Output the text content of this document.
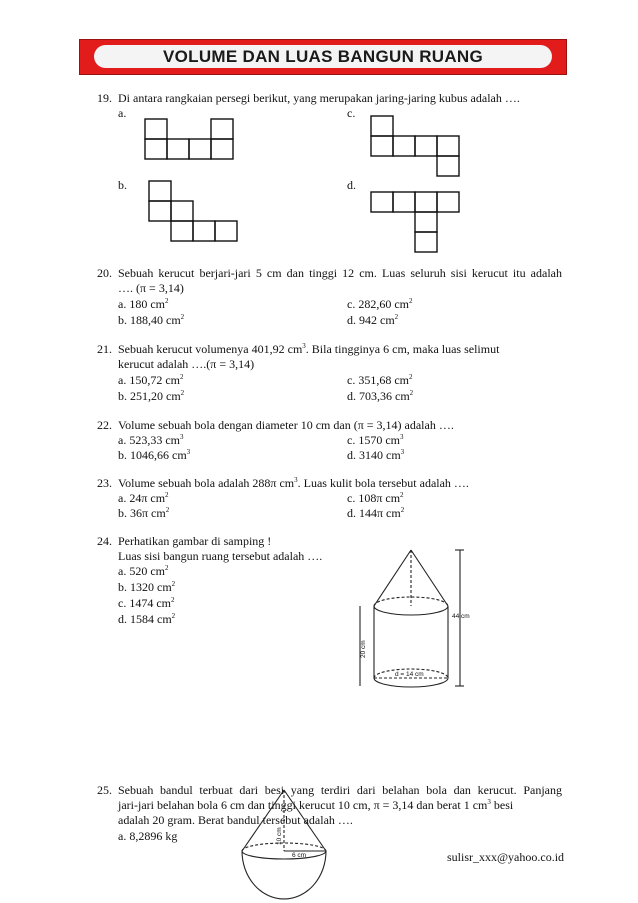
VOLUME DAN LUAS BANGUN RUANG
19. Di antara rangkaian persegi berikut, yang merupakan jaring-jaring kubus adalah ….
a.	c.
b.	d.
20. Sebuah kerucut berjari-jari 5 cm dan tinggi 12 cm. Luas seluruh sisi kerucut itu adalah
…. (π = 3,14)
a. 180 $cm^2$	c. 282,60 $cm^2$
b. 188,40 $cm^2$	d. 942 $cm^2$
21. Sebuah kerucut volumenya 401,92 $cm^3$. Bila tingginya 6 cm, maka luas selimut
kerucut adalah ….(π = 3,14)
a. 150,72 $cm^2$	c. 351,68 $cm^2$
b. 251,20 $cm^2$	d. 703,36 $cm^2$
22. Volume sebuah bola dengan diameter 10 cm dan (π = 3,14) adalah ….
a. 523,33 $cm^3$	c. 1570 $cm^3$
b. 1046,66 $cm^3$	d. 3140 $cm^3$
23. Volume sebuah bola adalah 288π $cm^3$. Luas kulit bola tersebut adalah ….
a. 24π $cm^2$	c. 108π $cm^2$
b. 36π $cm^2$	d. 144π $cm^2$
24. Perhatikan gambar di samping !
Luas sisi bangun ruang tersebut adalah ….
a. 520 $cm^2$
b. 1320 $cm^2$
c. 1474 $cm^2$
d. 1584 $cm^2$	44 cm
20 cm
d = 14 cm
25. Sebuah bandul terbuat dari besi yang terdiri dari belahan bola dan kerucut. Panjang
jari-jari belahan bola 6 cm dan tinggi kerucut 10 cm, π = 3,14 dan berat 1 $cm^3$ besi
adalah 20 gram. Berat bandul tersebut adalah ….
a. 8,2896 kg	10 cm
6 cm	sulisr_xxx@yahoo.co.id
